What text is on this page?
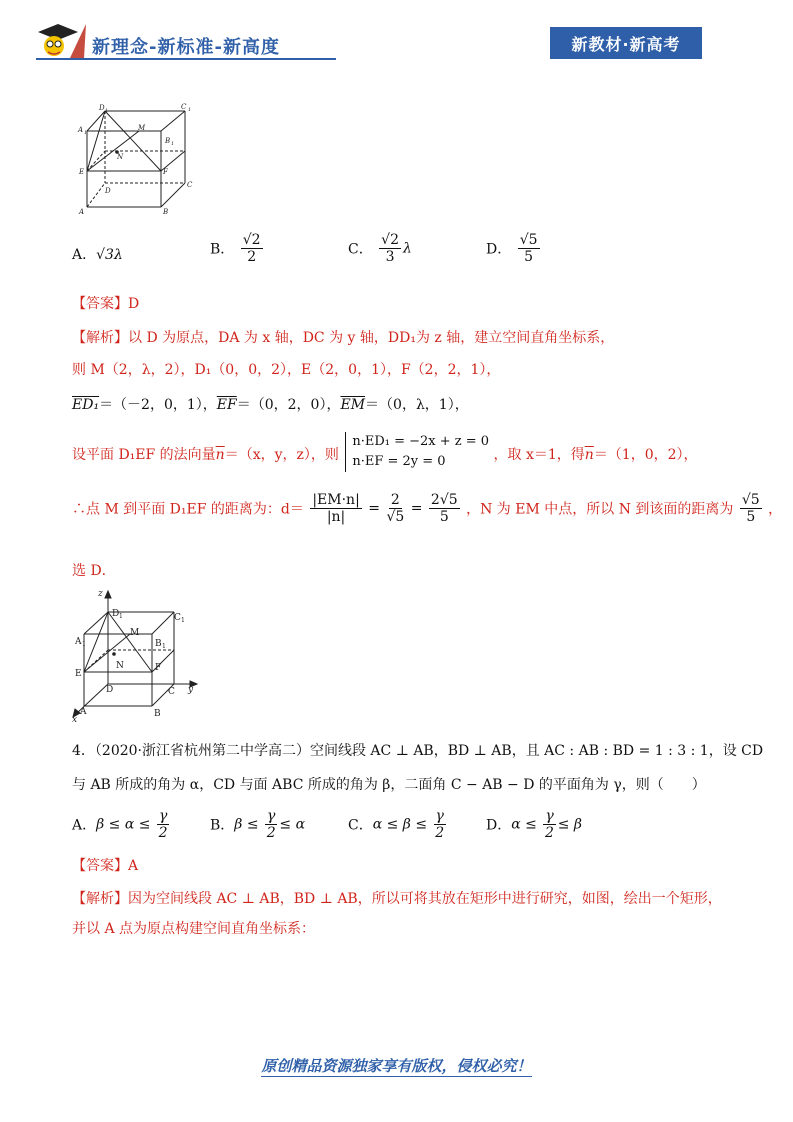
新理念-新标准-新高度	新教材·新高考
D 1	C 1
A 1
M
B 1
N
E	F
D
C
A	B
A．√3λ	B． $\frac{√2}{2}$	C． $\frac{√2}{3}$ λ	D． $\frac{√5}{5}$
【答案】D
【解析】以 D 为原点，DA 为 x 轴，DC 为 y 轴，DD₁为 z 轴，建立空间直角坐标系，
则 M（2，λ，2），D₁（0，0，2），E（2，0，1），F（2，2，1），
ED₁＝（－2，0，1），$\overline{EF}=(0$，2，0），$\overline{EM}=(0$，λ，1），
设平面 D₁EF 的法向量$\overline{n}=(x$，y，z），则
n·ED₁ = −2x + z = 0
n·EF = 2y = 0	，取 x＝1，得$\overline{n}=(1$，0，2），
∴点 M 到平面 D₁EF 的距离为：$d= \frac{|EM\cdot n|}{|n|} = \frac{2}{√5} = \frac{2√5}{5}$ ，N 为 EM 中点，所以 N 到该面的距离为 $\frac{√5}{5}$ ，
选 D．
z
D 1	C 1
A 1
M
B 1
N
E
F
D	C y
A	B
x
4．（2020·浙江省杭州第二中学高二）空间线段 AC ⊥ AB，BD ⊥ AB，且 AC : AB : BD = 1 : 3 : 1，设 CD
与 AB 所成的角为 α，CD 与面 ABC 所成的角为 β，二面角 C − AB − D 的平面角为 γ，则（　　）
A．$\beta \le \alpha \le \frac{\gamma}{2}$	B．$\beta \le \frac{\gamma}{2} \le \alpha$	C．$\alpha \le \beta \le \frac{\gamma}{2}$	D．$\alpha \le \frac{\gamma}{2} \le \beta$
【答案】A
【解析】因为空间线段 AC ⊥ AB，BD ⊥ AB，所以可将其放在矩形中进行研究，如图，绘出一个矩形，
并以 A 点为原点构建空间直角坐标系：
原创精品资源独家享有版权，侵权必究！
